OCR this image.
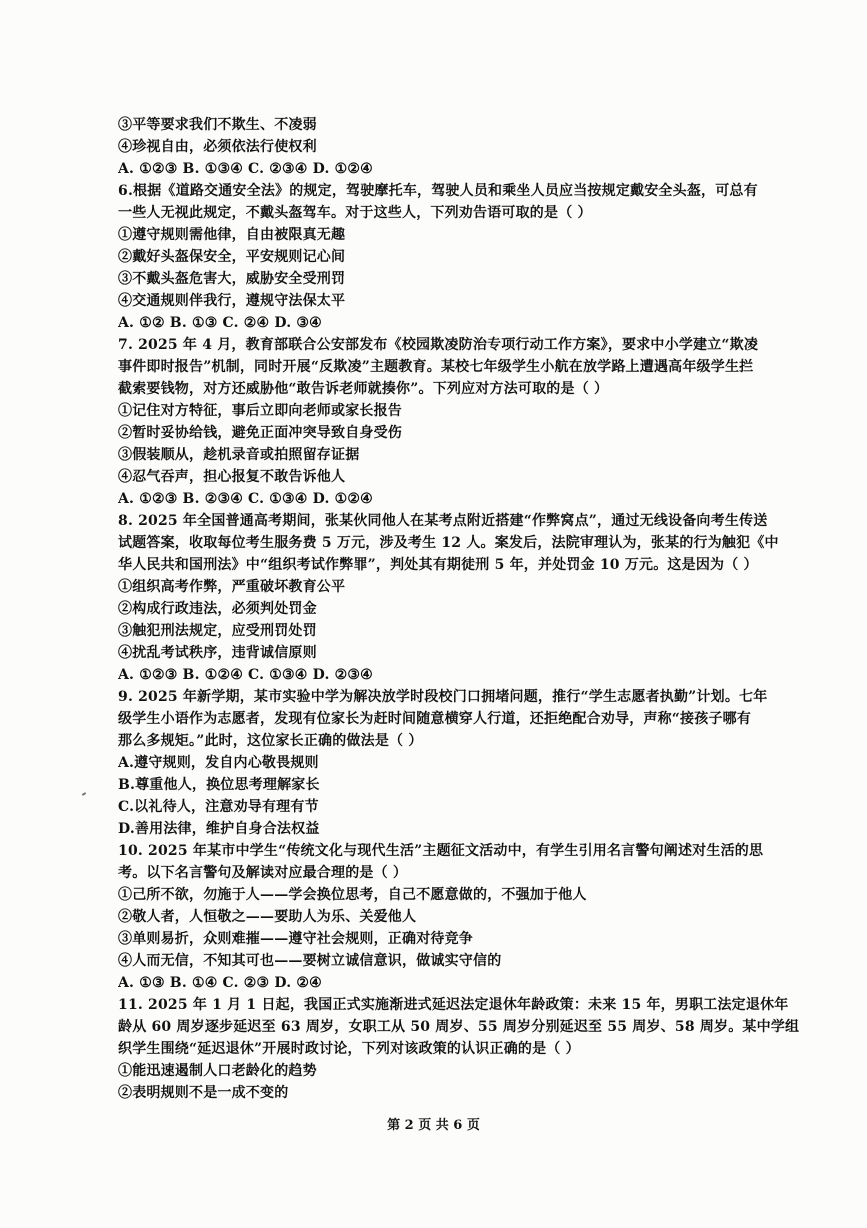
③平等要求我们不欺生、不凌弱
④珍视自由，必须依法行使权利
A. ①②③ B. ①③④ C. ②③④ D. ①②④
6.根据《道路交通安全法》的规定，驾驶摩托车，驾驶人员和乘坐人员应当按规定戴安全头盔，可总有
一些人无视此规定，不戴头盔驾车。对于这些人，下列劝告语可取的是（ ）
①遵守规则需他律，自由被限真无趣
②戴好头盔保安全，平安规则记心间
③不戴头盔危害大，威胁安全受刑罚
④交通规则伴我行，遵规守法保太平
A. ①② B. ①③ C. ②④ D. ③④
7. 2025 年 4 月，教育部联合公安部发布《校园欺凌防治专项行动工作方案》，要求中小学建立“欺凌
事件即时报告”机制，同时开展“反欺凌”主题教育。某校七年级学生小航在放学路上遭遇高年级学生拦
截索要钱物，对方还威胁他“敢告诉老师就揍你”。下列应对方法可取的是（ ）
①记住对方特征，事后立即向老师或家长报告
②暂时妥协给钱，避免正面冲突导致自身受伤
③假装顺从，趁机录音或拍照留存证据
④忍气吞声，担心报复不敢告诉他人
A. ①②③ B. ②③④ C. ①③④ D. ①②④
8. 2025 年全国普通高考期间，张某伙同他人在某考点附近搭建“作弊窝点”，通过无线设备向考生传送
试题答案，收取每位考生服务费 5 万元，涉及考生 12 人。案发后，法院审理认为，张某的行为触犯《中
华人民共和国刑法》中“组织考试作弊罪”，判处其有期徒刑 5 年，并处罚金 10 万元。这是因为（ ）
①组织高考作弊，严重破坏教育公平
②构成行政违法，必须判处罚金
③触犯刑法规定，应受刑罚处罚
④扰乱考试秩序，违背诚信原则
A. ①②③ B. ①②④ C. ①③④ D. ②③④
9. 2025 年新学期，某市实验中学为解决放学时段校门口拥堵问题，推行“学生志愿者执勤”计划。七年
级学生小语作为志愿者，发现有位家长为赶时间随意横穿人行道，还拒绝配合劝导，声称“接孩子哪有
那么多规矩。”此时，这位家长正确的做法是（ ）
A.遵守规则，发自内心敬畏规则
B.尊重他人，换位思考理解家长
C.以礼待人，注意劝导有理有节
D.善用法律，维护自身合法权益
10. 2025 年某市中学生“传统文化与现代生活”主题征文活动中，有学生引用名言警句阐述对生活的思
考。以下名言警句及解读对应最合理的是（ ）
①己所不欲，勿施于人——学会换位思考，自己不愿意做的，不强加于他人
②敬人者，人恒敬之——要助人为乐、关爱他人
③单则易折，众则难摧——遵守社会规则，正确对待竞争
④人而无信，不知其可也——要树立诚信意识，做诚实守信的
A. ①③ B. ①④ C. ②③ D. ②④
11. 2025 年 1 月 1 日起，我国正式实施渐进式延迟法定退休年龄政策：未来 15 年，男职工法定退休年
龄从 60 周岁逐步延迟至 63 周岁，女职工从 50 周岁、55 周岁分别延迟至 55 周岁、58 周岁。某中学组
织学生围绕“延迟退休”开展时政讨论，下列对该政策的认识正确的是（ ）
①能迅速遏制人口老龄化的趋势
②表明规则不是一成不变的
第 2 页 共 6 页
